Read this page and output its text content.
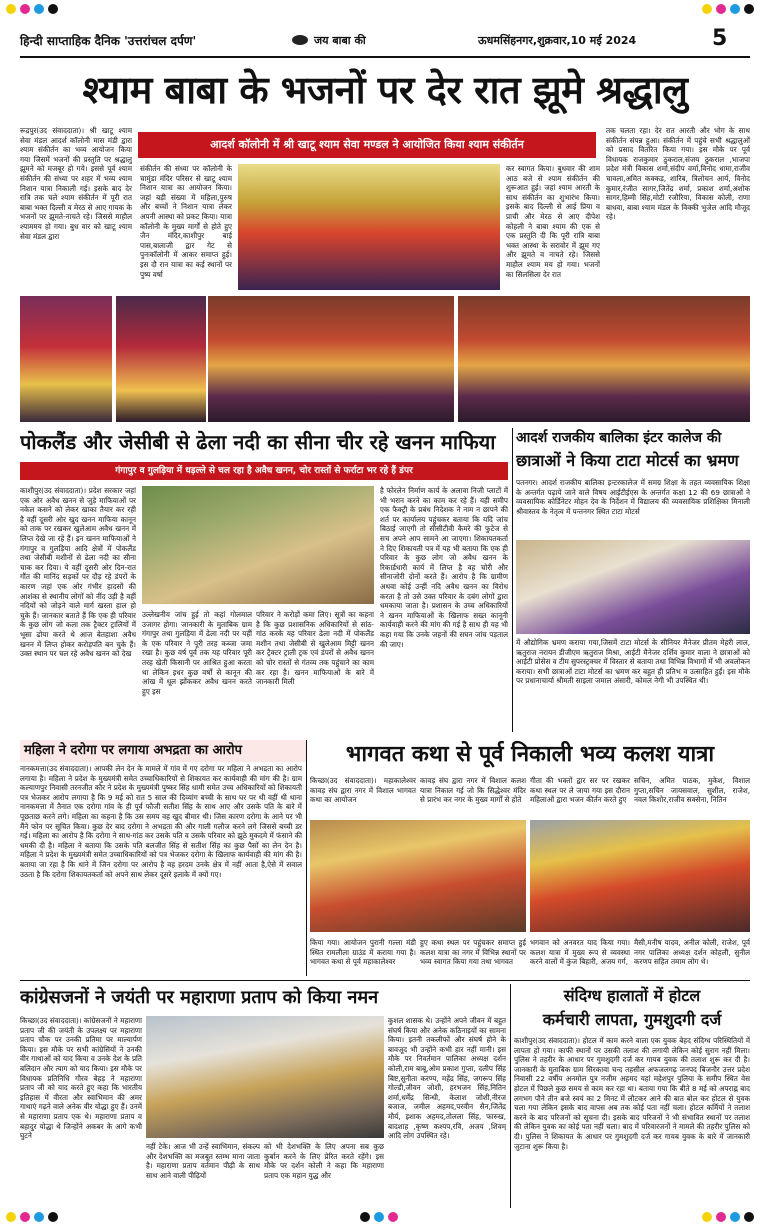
हिन्दी साप्ताहिक दैनिक 'उत्तरांचल दर्पण'	जय बाबा की	ऊधमसिंहनगर,शुक्रवार,10 मई 2024	5
श्याम बाबा के भजनों पर देर रात झूमे श्रद्धालु
रूद्रपुर(उद संवाददाता)। श्री खाटू श्याम सेवा मंडल आदर्श कॉलोनी मास मंडी द्वारा श्याम संकीर्तन का भव्य आयोजन किया गया जिसमें भजनों की प्रस्तुति पर श्रद्धालु झूमने को मजबूर हो गये। इससे पूर्व श्याम संकीर्तन की संध्या पर शहर में भव्य श्याम निशान यात्रा निकाली गई। इसके बाद देर रात्रि तक चले श्याम संकीर्तन में पूरी रात बाबा भक्त दिल्ली व मेरठ से आए गायक के भजनों पर झूमते-नाचते रहे। जिससे माहौल श्याममय हो गया। बुध वार को खाटू श्याम सेवा मंडल द्वारा
आदर्श कॉलोनी में श्री खाटू श्याम सेवा मण्डल ने आयोजित किया श्याम संकीर्तन
संकीर्तन की संध्या पर कॉलोनी के चामुंडा मंदिर परिसर से खाटू श्याम निशान यात्रा का आयोजन किया। जहां बड़ी संख्या में महिला,पुरुष और बच्चों ने निशान यात्रा लेकर अपनी आस्था को प्रकट किया। यात्रा कॉलोनी के मुख्य मार्गों से होते हुए जैन मंदिर,काशीपुर बाई पास,बालाजी द्वार गेट से पुनःकॉलोनी में आकर समाप्त हुई। इस दौ रान यात्रा का कई स्थानों पर पुष्प वर्षा
कर स्वागत किया। बुधवार की शाम आठ बजे से श्याम संकीर्तन की शुरूआत हुई। जहां श्याम आरती के साथ संकीर्तन का शुभारंभ किया। इसके बाद दिल्ली से आई प्रिया व प्राची और मेरठ से आए दीपेश कोहली ने बाबा श्याम की एक से एक प्रस्तुति दी कि पूरी रात्रि बाबा भक्त आस्था के सरावोर में झूम गए और झूमते व नाचते रहे। जिससे माहौल श्याम मय हो गया। भजनों का सिलसिला देर रात
तक चलता रहा। देर रात आरती और भोग के साथ संकीर्तन संपन्न हुआ। संकीर्तन में पहुंचे सभी श्रद्धालुओं को प्रसाद वितरित किया गया। इस मौके पर पूर्व विधायक राजकुमार ठुकराल,संजय ठुकराल ,भाजपा प्रदेश मंत्री विकास शर्मा,संदीप वर्मा,विनोद धामा,राजीव चावला,अमित कक्कड़, शारिब, त्रिलोचन आर्य, विनोद कुमार,रंजीत सागर,जितेंद्र शर्मा, प्रकाश शर्मा,अशोक सागर,हिम्मी सिंह,मोटी रजौरिया, विकास कोली, राणा बाधवा, बाबा श्याम मंडल के विक्की भुजेल आदि मौजूद रहे।
पोकलैंड और जेसीबी से ढेला नदी का सीना चीर रहे खनन माफिया
गंगापुर व गुलड़िया में धड़ल्ले से चल रहा है अवैध खनन, चोर रास्तों से फर्राटा भर रहे हैं डंपर
काशीपुर(उद संवाददाता)। प्रदेश सरकार जहां एक ओर अवैध खनन से जुड़े माफियाओं पर नकेल कसने को लेकर खाका तैयार कर रही है वहीं दूसरी ओर खुद खनन माफिया कानून को ताक पर रखकर खुलेआम अवैध खनन में लिप्त देखे जा रहे हैं। इन खनन माफियाओं ने गंगापुर व गुलड़िया आदि क्षेत्रों में पोकलैंड तथा जेसीबी मशीनों से ढेला नदी का सीना चाक कर दिया। ये वहीं दूसरी ओर दिन-रात गौंत की मानिंद सड़कों पर दौड़ रहे डंपरों के कारण जहां एक ओर गंभीर हादसों की आशंका से स्थानीय लोगों को नींद उड़ी है वहीं नदियों को जोड़ने वाले मार्ग खस्ता हाल हो चुके हैं। जानकार बताते हैं कि एक ही परिवार के कुछ लोग जो कला तक ट्रैक्टर ट्रालियों में भूसा ढोया करते थे आज बेतहाशा अवैध खनन में लिप्त होकर करोड़पति बन चुके हैं। उक्त स्थान पर चल रहे अवैध खनन को देख
उल्लेखनीय जांच हुई तो कहां गोलमाल उजागर होगा। जानकारी के मुताबिक ग्राम गंगापुर तथा गुलड़िया में ढेला नदी पर यहीं के एक परिवार ने पूरी तरह कब्जा जमा रखा है। कुछ वर्ष पूर्व तक यह परिवार पूरी तरह खेती किसानी पर आश्रित हुआ करता था लेकिन इधर कुछ वर्षों से कानून की आंख में धूल झोंककर अवैध खनन करते हुए इस
परिवार ने करोड़ों कमा लिए। सूत्रों का कहना है कि कुछ प्रशासनिक अधिकारियों से सांठ-गांठ करके यह परिवार ढेला नदी में पोकलैंड मशीन तथा जेसीबी से खुलेआम मिट्टी खनन कर ट्रैक्टर ट्राली ट्रक एवं डंपरों से अवैध खनन को चोर रास्तों से गंतव्य तक पहुंचाने का काम कर रहा है। खनन माफियाओं के बारे में जानकारी मिली
है फोरलेन निर्माण कार्य के अलावा निजी प्लाटों में भी भरान करने का काम कर रहे हैं। यही समीप एक फैक्ट्री के प्रबंध निदेशक ने नाम न छापने की शर्त पर कार्यालय पहुंचकर बताया कि यदि जांच बिठाई जाएगी तो सीसीटीवी कैमरे की फुटेज से सच अपने आप सामने आ जाएगा। शिकायतकर्ता ने दिए शिकायती पत्र में यह भी बताया कि एक ही परिवार के कुछ लोग जो अवैध खनन के रिकार्डधारी कार्य में लिप्त है वह चोरी और सीनाजोरी दोनों करते हैं। आरोप है कि ग्रामीण अथवा कोई उन्हीं नदि अवैध खनन का विरोध करता है तो उसे उक्त परिवार के दबंग लोगों द्वारा धमकाया जाता है। प्रशासन के उच्च अधिकारियों ने खनन माफियाओं के खिलाफ सख्त कानूनी कार्यवाही करने की मांग की गई है साथ ही यह भी कहा गया कि उनके जहनों की सघन जांच पड़ताल की जाए।
आदर्श राजकीय बालिका इंटर कालेज की
छात्राओं ने किया टाटा मोटर्स का भ्रमण
पतनगर। आदर्श राजकीय बालिका इन्टरकालेज में समग्र शिक्षा के तहत व्यवसायिक शिक्षा के अन्तर्गत पढ़ाये जाने वाले विषय आईटीईएस के अन्तर्गत कक्षा 12 की 69 छात्राओं ने व्यवसायिक कोर्डिनेटर मोहन देव के निर्देशन में विद्यालय की व्यवसायिक प्रशिक्षिका मिनाली श्रीवास्तव के नेतृत्व में पन्तनगर स्थित टाटा मोटर्स
में औद्योगिक भ्रमण कराया गया,जिसमें टाटा मोटर्स के सीनियर मैनेजर प्रीतम मेहरी लाल, ऋतुराज नरायन डीजीएम ऋतुराज मिश्रा, आईटी मैनेजर दर्शिव कुमार वाला ने छात्राओं को आईटी प्रोसेस व टीम सुपरस्ट्रक्चर में विस्तार से बताया तथा विभिन्न विभागों में भी अवलोकन कराया। सभी छात्राओं टाटा मोटर्स का भ्रमण कर बहुत ही प्रतिभ व उत्साहित हुईं। इस मौके पर प्रधानाचार्या श्रीमती साइला जमाल अंसारी, कोमल नेगी भी उपस्थित थी।
महिला ने दरोगा पर लगाया अभद्रता का आरोप
नानकमत्ता(उद संवाददाता)। आपकी लेन देन के मामले में गांव में गए दरोगा पर महिला ने अभद्रता का आरोप लगाया है। महिला ने प्रदेश के मुख्यमंत्री समेत उच्चाधिकारियों से शिकायत कर कार्यवाही की मांग की है। ग्राम कल्याणपुर निवासी तरनजीत कौर ने प्रदेश के मुख्यमंत्री पुष्कर सिंह धामी समेत उच्च अधिकारियों को शिकायती पत्र भेजकर आरोप लगाया है कि 9 मई को रात 5 साल की दिव्यांग बच्ची के साथ घर पर थी वहीं थी थाना नानकमत्ता में तैनात एक दरोगा गांव के ही पूर्व फौजी सतीश सिंह के साथ आए और उसके पति के बारे में पूछताछ करने लगे। महिला का कहना है कि उस समय वह खुद बीमार थी। जिस कारण दरोगा के आने पर भी मैंने फोन पर सूचित किया। कुछ देर बाद दरोगा ने अभद्रता की और गाली गलौज करने लगे जिससे बच्ची डर गई। महिला का आरोप है कि दरोगा ने साथ-गांठ कर उसके पति व उसके परिवार को झूठे मुकदमे में फंसाने की धमकी दी है। महिला ने बताया कि उसके पति बलजीत सिंह से सतीश सिंह का कुछ पैसों का लेन देन है। महिला ने प्रदेश के मुख्यमंत्री समेत उच्चाधिकारियों को पत्र भेजकर दरोगा के खिलाफ कार्यवाही की मांग की है। बताया जा रहा है कि थाने में जिन दरोगा पर आरोप है वह हरदम उनके क्षेत्र में नहीं आता है,ऐसे में सवाल उठता है कि दरोगा शिकायतकर्ता को अपने साथ लेकर दूसरे इलाके में क्यों गए।
भागवत कथा से पूर्व निकाली भव्य कलश यात्रा
किच्छा(उद संवाददाता)। महाकालेश्वर कावड़ संघ द्वारा नगर में विशाल भागवत कथा का आयोजन
कावड़ संघ द्वारा नगर में विशाल कलश यात्रा निकाल गई जो कि सिद्धेश्वर मंदिर से प्रारंभ कर नगर के मुख्य मार्गों से होते
गीता की भक्तों द्वार सर पर रखकर कथा स्थल पर ले जाया गया इस दौरान महिलाओं द्वारा भजन कीर्तन करते हुए
सचिन, अमित पाठक, मुकेश, विशाल गुप्ता,सचिन जायसवाल, सुशील, राजेश, नवल किशोर,राजीव सक्सेना, नितिन
किया गया। आयोजन पुरानी गल्ला मंडी स्थित रामलीला ग्राउंड में कराया गया है। भागवत कथा से पूर्व महाकालेश्वर
हुए कथा स्थल पर पहुंचकर समाप्त हुई कलश यात्रा का नगर में विभिन्न स्थानों पर भव्य स्वागत किया गया तथा भागवत
भगवान को अनवरत याद किया गया। कलश यात्रा में मुख्य रूप से व्यवस्था करने वालों में कुंज बिहारी, अजय गर्ग,
मैसी,मनीष यादव, अनील कोली, राजेश, पूर्व नगर पालिका अध्यक्ष दर्शन कोहली, सुनील करणप सहित तमाम लोग थे।
कांग्रेसजनों ने जयंती पर महाराणा प्रताप को किया नमन
किच्छा(उद संवाददाता)। कांग्रेसजनों ने महाराणा प्रताप जी की जयंती के उपलक्ष्य पर महाराणा प्रताप चौक पर उनकी प्रतिमा पर माल्यार्पण किया। इस मौके पर सभी कांग्रेसियों ने उनकी वीर गाथाओं को याद किया व उनके देश के प्रति बलिदान और त्याग को याद किया। इस मौके पर विधायक प्रतिनिधि गौरव बेहड़ ने महाराणा प्रताप जी को याद करते हुए कहा कि भारतीय इतिहास में वीरता और स्वाभिमान की अमर गाथाएं गढ़ने वाले अनेक वीर योद्धा हुए हैं। उनमें से महाराणा प्रताप एक थे। महाराणा प्रताप व बहादुर योद्धा थे जिन्होंने अकबर के आगे कभी घुटने
नहीं टेके। आज भी उन्हें स्वाभिमान, संकल्प और देशभक्ति का मजबूत स्तम्भ माना जाता है। महाराणा प्रताप वर्तमान पीढ़ी के साथ साथ आने वाली पीढ़ियों
को भी देशभक्ति के लिए अपना सब कुछ कुर्बान करने के लिए प्रेरित करते रहेंगे। इस मौके पर दर्शन कोली ने कहा कि महाराणा प्रताप एक महान युद्ध और
कुशल शासक थे। उन्होंने अपने जीवन में बहुत संघर्ष किया और अनेक कठिनाइयों का सामना किया। इतनी तकलीफों और संघर्ष होने के बावजूद भी उन्होंने कभी हार नहीं मानी। इस मौके पर निवर्तमान पालिका अध्यक्ष दर्शन कोली,राम बाबू,ओम प्रकाश गुप्ता, दलीप सिंह बिष्ट,सुनीता करण्य, महेंद्र सिंह, जगरूप सिंह गोल्डी,जीवन जोशी, हरभजन सिंह,नितिन शर्मा,धर्मेंद्र सिन्धी, केलाश जोशी,नीरज बजाज, जमील अहमद,परवीन सैन,जितेंद्र मौर्य, इशाक अहमद,तोलला सिंह, फारुख, बादशाह ,कृष्ण कश्यप,रवि, अजय ,शिवम् आदि लोग उपस्थित रहे।
संदिग्ध हालातों में होटल
कर्मचारी लापता, गुमशुदगी दर्ज
काशीपुर(उद संवाददाता)। होटल में काम करने वाला एक युवक बेहद संदिग्ध परिस्थितियों में लापता हो गया। काफी स्थानों पर उसकी तलाश की लगायी लेकिन कोई सुराग नहीं मिला। पुलिस ने तहरीर के आधार पर गुमशुदगी दर्ज कर गायब युवक की तलाश शुरू कर दी है। जानकारी के मुताबिक ग्राम सिरकावा चन्द तहसील अफजलगढ़ जनपद बिजनौर उत्तर प्रदेश निवासी 22 वर्षीय अनमोल पुत्र नजीम अहमद यहां महेशपुर पुलिया के समीप स्थित वेस होटल में पिछले कुछ समय से काम कर रहा था। बताया गया कि बीते 8 मई को अपराह्न बाद लगभग पौने तीन बजे स्वयं का 2 मिनट में लौटकर आने की बात बोल कर होटल से युवक चला गया लेकिन इसके बाद वापस अब तक कोई पता नहीं चला। होटल कर्मियों ने तलाश करने के बाद परिजनों को सूचना दी। इसके बाद परिजनों ने भी संभावित स्थानों पर तलाश की लेकिन युवक का कोई पता नहीं चला। बाद में परिवारजनों ने मामले की तहरीर पुलिस को दी। पुलिस ने शिकायत के आधार पर गुमशुदगी दर्ज कर गायब युवक के बारे में जानकारी जुटाना शुरू किया है।
